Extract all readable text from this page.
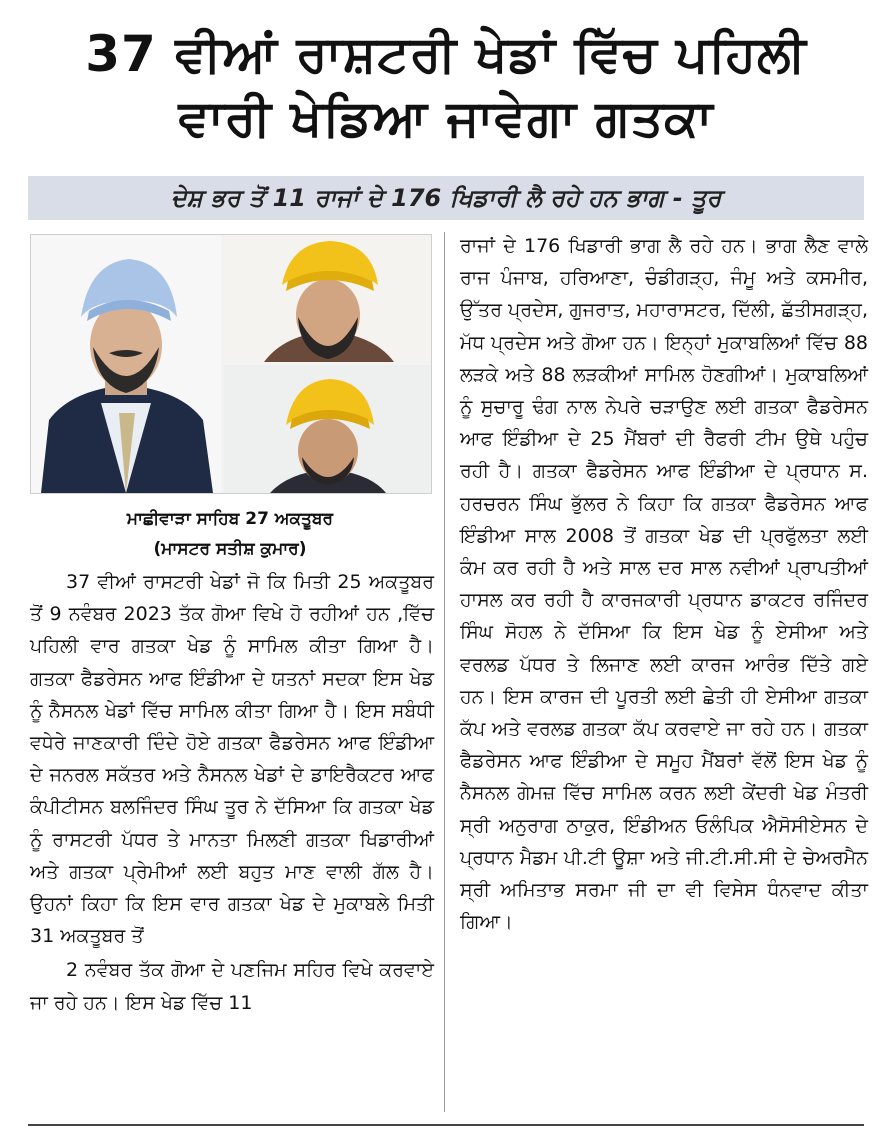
37 ਵੀਆਂ ਰਾਸ਼ਟਰੀ ਖੇਡਾਂ ਵਿੱਚ ਪਹਿਲੀ
ਵਾਰੀ ਖੇਡਿਆ ਜਾਵੇਗਾ ਗਤਕਾ
ਦੇਸ਼ ਭਰ ਤੋਂ 11 ਰਾਜਾਂ ਦੇ 176 ਖਿਡਾਰੀ ਲੈ ਰਹੇ ਹਨ ਭਾਗ - ਤੂਰ
ਮਾਛੀਵਾੜਾ ਸਾਹਿਬ 27 ਅਕਤੂਬਰ
(ਮਾਸਟਰ ਸਤੀਸ਼ ਕੁਮਾਰ)

37 ਵੀਆਂ ਰਾਸਟਰੀ ਖੇਡਾਂ ਜੋ ਕਿ ਮਿਤੀ 25 ਅਕਤੂਬਰ ਤੋਂ 9 ਨਵੰਬਰ 2023 ਤੱਕ ਗੋਆ ਵਿਖੇ ਹੋ ਰਹੀਆਂ ਹਨ ,ਵਿੱਚ ਪਹਿਲੀ ਵਾਰ ਗਤਕਾ ਖੇਡ ਨੂੰ ਸਾਮਿਲ ਕੀਤਾ ਗਿਆ ਹੈ। ਗਤਕਾ ਫੈਡਰੇਸਨ ਆਫ ਇੰਡੀਆ ਦੇ ਯਤਨਾਂ ਸਦਕਾ ਇਸ ਖੇਡ ਨੂੰ ਨੈਸਨਲ ਖੇਡਾਂ ਵਿੱਚ ਸਾਮਿਲ ਕੀਤਾ ਗਿਆ ਹੈ। ਇਸ ਸਬੰਧੀ ਵਧੇਰੇ ਜਾਣਕਾਰੀ ਦਿੰਦੇ ਹੋਏ ਗਤਕਾ ਫੈਡਰੇਸਨ ਆਫ ਇੰਡੀਆ ਦੇ ਜਨਰਲ ਸਕੱਤਰ ਅਤੇ ਨੈਸਨਲ ਖੇਡਾਂ ਦੇ ਡਾਇਰੈਕਟਰ ਆਫ ਕੰਪੀਟੀਸਨ ਬਲਜਿੰਦਰ ਸਿੰਘ ਤੂਰ ਨੇ ਦੱਸਿਆ ਕਿ ਗਤਕਾ ਖੇਡ ਨੂੰ ਰਾਸਟਰੀ ਪੱਧਰ ਤੇ ਮਾਨਤਾ ਮਿਲਣੀ ਗਤਕਾ ਖਿਡਾਰੀਆਂ ਅਤੇ ਗਤਕਾ ਪ੍ਰੇਮੀਆਂ ਲਈ ਬਹੁਤ ਮਾਣ ਵਾਲੀ ਗੱਲ ਹੈ। ਉਹਨਾਂ ਕਿਹਾ ਕਿ ਇਸ ਵਾਰ ਗਤਕਾ ਖੇਡ ਦੇ ਮੁਕਾਬਲੇ ਮਿਤੀ 31 ਅਕਤੂਬਰ ਤੋਂ

2 ਨਵੰਬਰ ਤੱਕ ਗੋਆ ਦੇ ਪਣਜਿਮ ਸਹਿਰ ਵਿਖੇ ਕਰਵਾਏ ਜਾ ਰਹੇ ਹਨ। ਇਸ ਖੇਡ ਵਿੱਚ 11

ਰਾਜਾਂ ਦੇ 176 ਖਿਡਾਰੀ ਭਾਗ ਲੈ ਰਹੇ ਹਨ। ਭਾਗ ਲੈਣ ਵਾਲੇ ਰਾਜ ਪੰਜਾਬ, ਹਰਿਆਣਾ, ਚੰਡੀਗੜ੍ਹ, ਜੰਮੂ ਅਤੇ ਕਸਮੀਰ, ਉੱਤਰ ਪ੍ਰਦੇਸ, ਗੁਜਰਾਤ, ਮਹਾਰਾਸਟਰ, ਦਿੱਲੀ, ਛੱਤੀਸਗੜ੍ਹ, ਮੱਧ ਪ੍ਰਦੇਸ ਅਤੇ ਗੋਆ ਹਨ। ਇਨ੍ਹਾਂ ਮੁਕਾਬਲਿਆਂ ਵਿੱਚ 88 ਲੜਕੇ ਅਤੇ 88 ਲੜਕੀਆਂ ਸਾਮਿਲ ਹੋਣਗੀਆਂ। ਮੁਕਾਬਲਿਆਂ ਨੂੰ ਸੁਚਾਰੂ ਢੰਗ ਨਾਲ ਨੇਪਰੇ ਚੜਾਉਣ ਲਈ ਗਤਕਾ ਫੈਡਰੇਸਨ ਆਫ ਇੰਡੀਆ ਦੇ 25 ਮੈਂਬਰਾਂ ਦੀ ਰੈਫਰੀ ਟੀਮ ਉਥੇ ਪਹੁੰਚ ਰਹੀ ਹੈ। ਗਤਕਾ ਫੈਡਰੇਸਨ ਆਫ ਇੰਡੀਆ ਦੇ ਪ੍ਰਧਾਨ ਸ. ਹਰਚਰਨ ਸਿੰਘ ਭੁੱਲਰ ਨੇ ਕਿਹਾ ਕਿ ਗਤਕਾ ਫੈਡਰੇਸਨ ਆਫ ਇੰਡੀਆ ਸਾਲ 2008 ਤੋਂ ਗਤਕਾ ਖੇਡ ਦੀ ਪ੍ਰਫੁੱਲਤਾ ਲਈ ਕੰਮ ਕਰ ਰਹੀ ਹੈ ਅਤੇ ਸਾਲ ਦਰ ਸਾਲ ਨਵੀਆਂ ਪ੍ਰਾਪਤੀਆਂ ਹਾਸਲ ਕਰ ਰਹੀ ਹੈ ਕਾਰਜਕਾਰੀ ਪ੍ਰਧਾਨ ਡਾਕਟਰ ਰਜਿੰਦਰ ਸਿੰਘ ਸੋਹਲ ਨੇ ਦੱਸਿਆ ਕਿ ਇਸ ਖੇਡ ਨੂੰ ਏਸੀਆ ਅਤੇ ਵਰਲਡ ਪੱਧਰ ਤੇ ਲਿਜਾਣ ਲਈ ਕਾਰਜ ਆਰੰਭ ਦਿੱਤੇ ਗਏ ਹਨ। ਇਸ ਕਾਰਜ ਦੀ ਪੂਰਤੀ ਲਈ ਛੇਤੀ ਹੀ ਏਸੀਆ ਗਤਕਾ ਕੱਪ ਅਤੇ ਵਰਲਡ ਗਤਕਾ ਕੱਪ ਕਰਵਾਏ ਜਾ ਰਹੇ ਹਨ। ਗਤਕਾ ਫੈਡਰੇਸਨ ਆਫ ਇੰਡੀਆ ਦੇ ਸਮੂਹ ਮੈਂਬਰਾਂ ਵੱਲੋਂ ਇਸ ਖੇਡ ਨੂੰ ਨੈਸਨਲ ਗੇਮਜ਼ ਵਿੱਚ ਸਾਮਿਲ ਕਰਨ ਲਈ ਕੇਂਦਰੀ ਖੇਡ ਮੰਤਰੀ ਸ੍ਰੀ ਅਨੁਰਾਗ ਠਾਕੁਰ, ਇੰਡੀਅਨ ਓਲੰਪਿਕ ਐਸੋਸੀਏਸਨ ਦੇ ਪ੍ਰਧਾਨ ਮੈਡਮ ਪੀ.ਟੀ ਊਸ਼ਾ ਅਤੇ ਜੀ.ਟੀ.ਸੀ.ਸੀ ਦੇ ਚੇਅਰਮੈਨ ਸ੍ਰੀ ਅਮਿਤਾਭ ਸਰਮਾ ਜੀ ਦਾ ਵੀ ਵਿਸੇਸ ਧੰਨਵਾਦ ਕੀਤਾ ਗਿਆ।
